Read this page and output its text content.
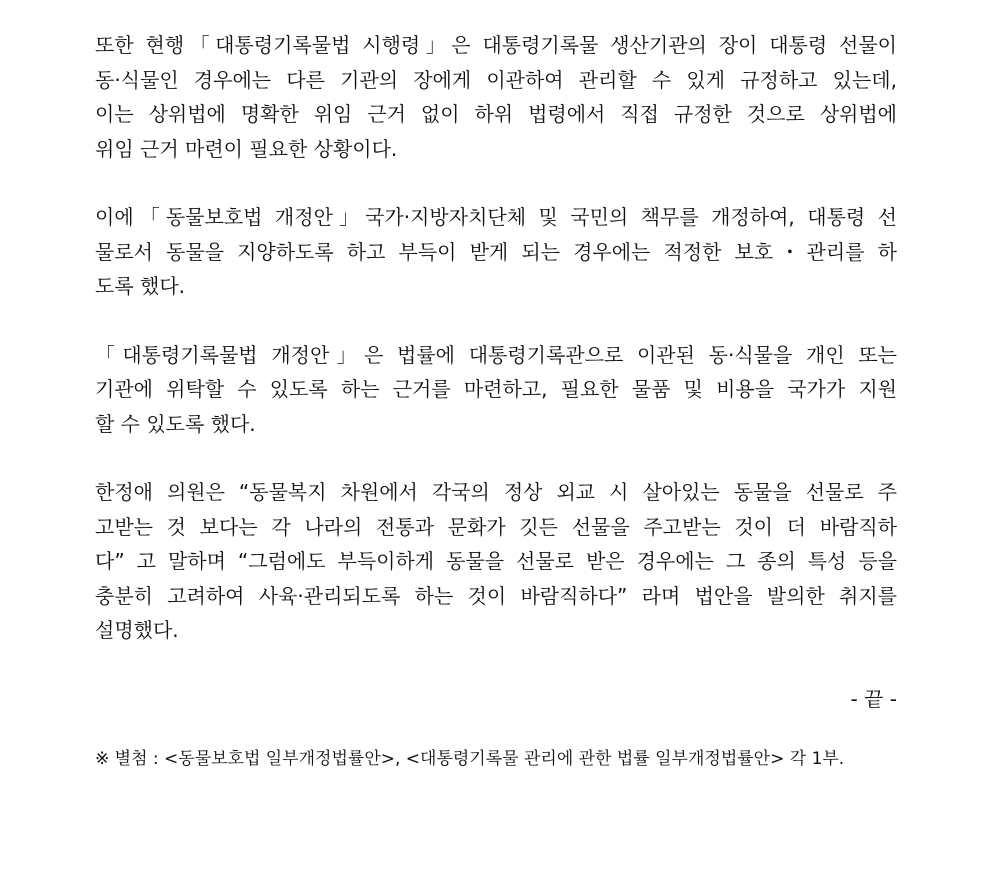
또한 현행「대통령기록물법 시행령」은 대통령기록물 생산기관의 장이 대통령 선물이
동·식물인 경우에는 다른 기관의 장에게 이관하여 관리할 수 있게 규정하고 있는데,
이는 상위법에 명확한 위임 근거 없이 하위 법령에서 직접 규정한 것으로 상위법에
위임 근거 마련이 필요한 상황이다.
이에「동물보호법 개정안」국가·지방자치단체 및 국민의 책무를 개정하여, 대통령 선
물로서 동물을 지양하도록 하고 부득이 받게 되는 경우에는 적정한 보호・관리를 하
도록 했다.
「대통령기록물법 개정안」은 법률에 대통령기록관으로 이관된 동·식물을 개인 또는
기관에 위탁할 수 있도록 하는 근거를 마련하고, 필요한 물품 및 비용을 국가가 지원
할 수 있도록 했다.
한정애 의원은 “동물복지 차원에서 각국의 정상 외교 시 살아있는 동물을 선물로 주
고받는 것 보다는 각 나라의 전통과 문화가 깃든 선물을 주고받는 것이 더 바람직하
다” 고 말하며 “그럼에도 부득이하게 동물을 선물로 받은 경우에는 그 종의 특성 등을
충분히 고려하여 사육·관리되도록 하는 것이 바람직하다” 라며 법안을 발의한 취지를
설명했다.
- 끝 -
※ 별첨 : <동물보호법 일부개정법률안>, <대통령기록물 관리에 관한 법률 일부개정법률안> 각 1부.
